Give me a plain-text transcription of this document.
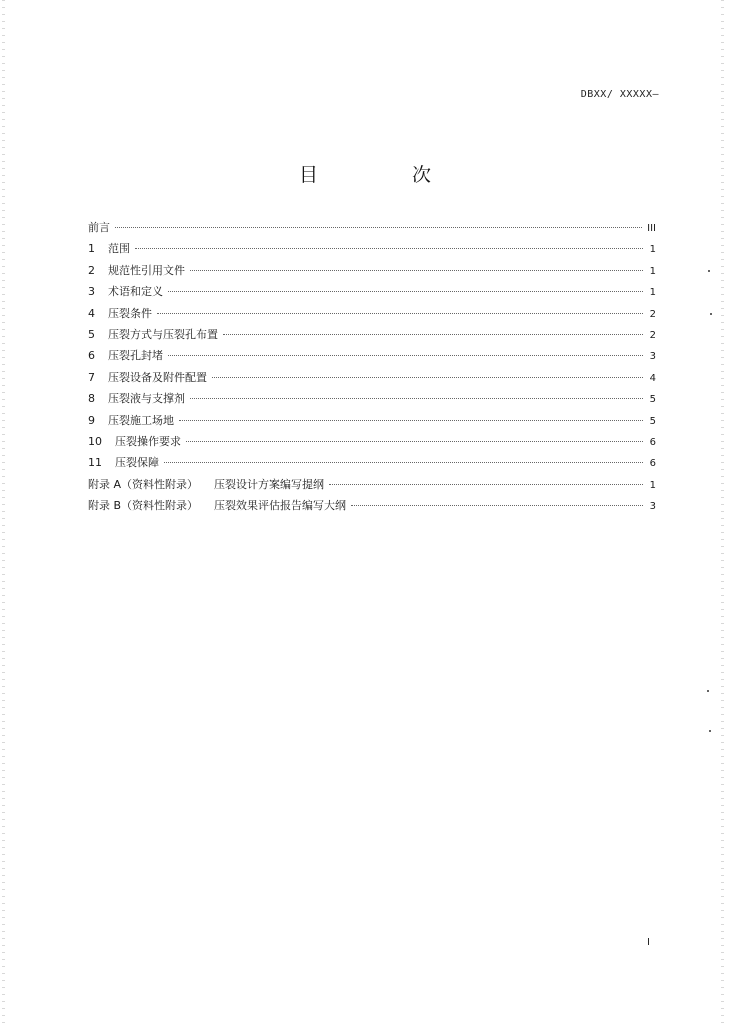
DBXX/ XXXXX—
目 次
前言	III
1	范围	1
2	规范性引用文件	1
3	术语和定义	1
4	压裂条件	2
5	压裂方式与压裂孔布置	2
6	压裂孔封堵	3
7	压裂设备及附件配置	4
8	压裂液与支撑剂	5
9	压裂施工场地	5
10	压裂操作要求	6
11	压裂保障	6
附录 A（资料性附录） 压裂设计方案编写提纲	1
附录 B（资料性附录） 压裂效果评估报告编写大纲	3
I
